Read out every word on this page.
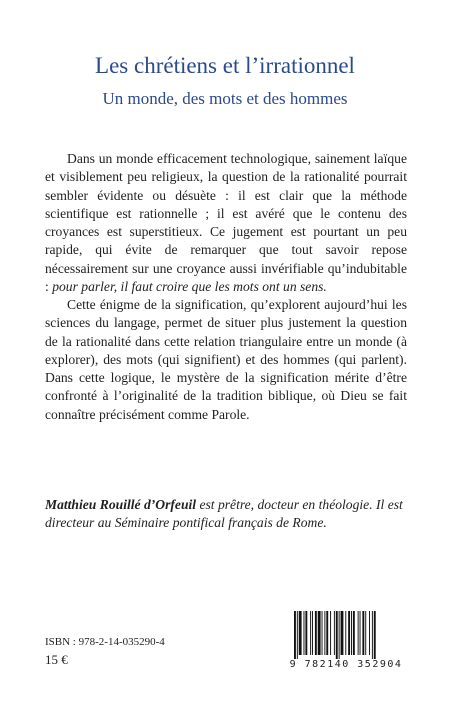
Les chrétiens et l’irrationnel
Un monde, des mots et des hommes

Dans un monde efficacement technologique, sainement laïque et visiblement peu religieux, la question de la rationalité pourrait sembler évidente ou désuète : il est clair que la méthode scientifique est rationnelle ; il est avéré que le contenu des croyances est superstitieux. Ce jugement est pourtant un peu rapide, qui évite de remarquer que tout savoir repose nécessairement sur une croyance aussi invérifiable qu’indubitable : pour parler, il faut croire que les mots ont un sens.

Cette énigme de la signification, qu’explorent aujourd’hui les sciences du langage, permet de situer plus justement la question de la rationalité dans cette relation triangulaire entre un monde (à explorer), des mots (qui signifient) et des hommes (qui parlent). Dans cette logique, le mystère de la signification mérite d’être confronté à l’originalité de la tradition biblique, où Dieu se fait connaître précisément comme Parole.

Matthieu Rouillé d’Orfeuil est prêtre, docteur en théologie. Il est directeur au Séminaire pontifical français de Rome.

ISBN : 978-2-14-035290-4
15 €	9 782140 352904
